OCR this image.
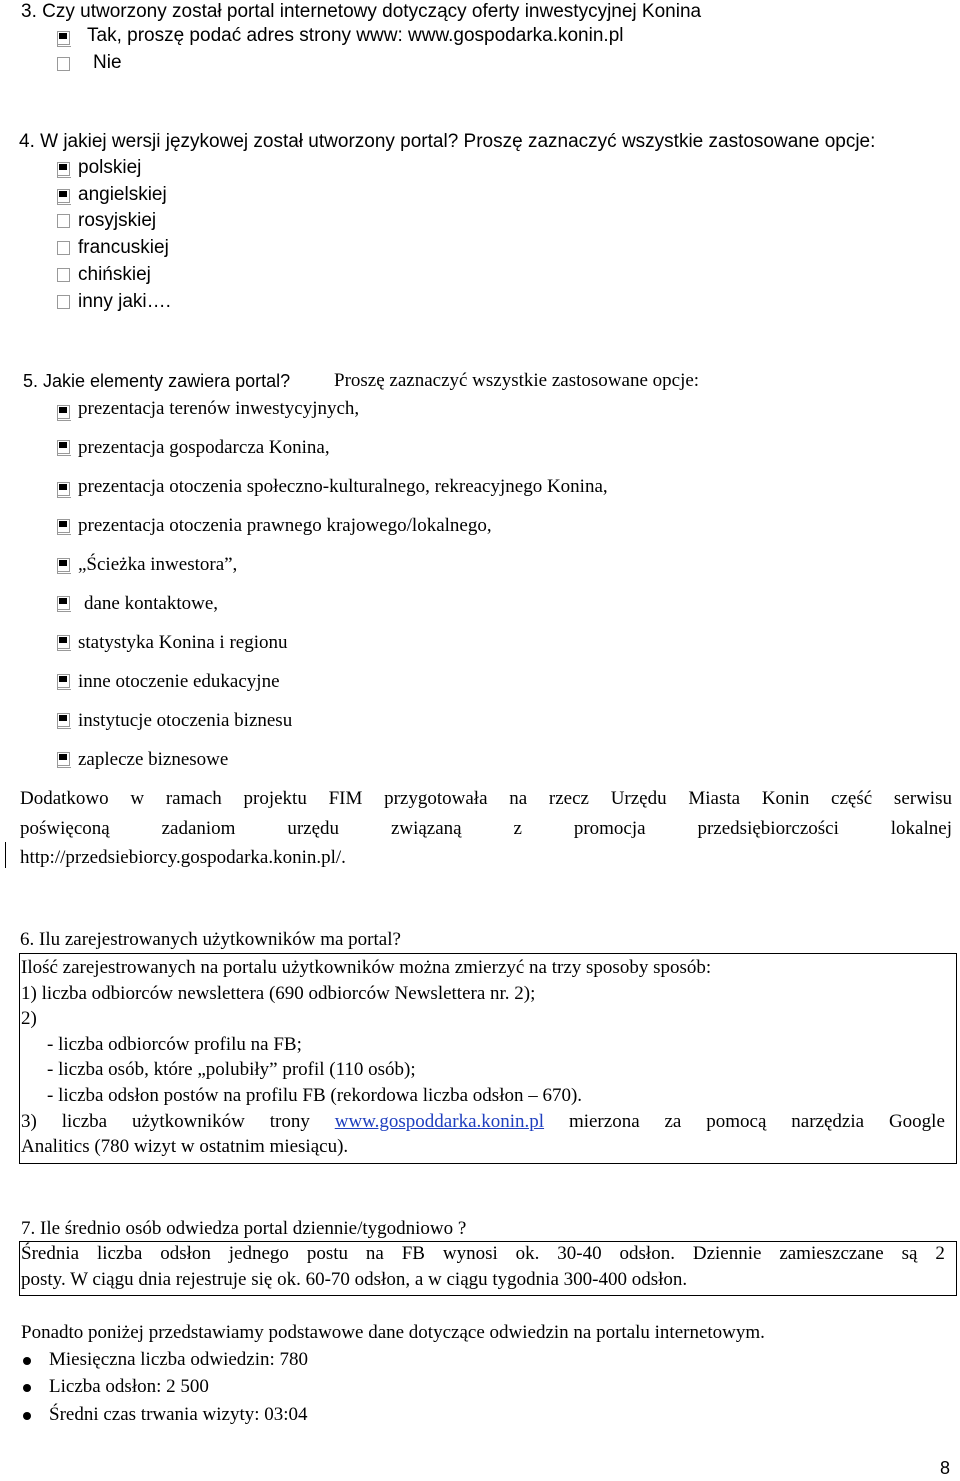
3. Czy utworzony został portal internetowy dotyczący oferty inwestycyjnej Konina
Tak, proszę podać adres strony www: www.gospodarka.konin.pl
Nie
4. W jakiej wersji językowej został utworzony portal? Proszę zaznaczyć wszystkie zastosowane opcje:
polskiej
angielskiej
rosyjskiej
francuskiej
chińskiej
inny jaki….
5. Jakie elementy zawiera portal? Proszę zaznaczyć wszystkie zastosowane opcje:
prezentacja terenów inwestycyjnych,
prezentacja gospodarcza Konina,
prezentacja otoczenia społeczno-kulturalnego, rekreacyjnego Konina,
prezentacja otoczenia prawnego krajowego/lokalnego,
„Ścieżka inwestora”,
dane kontaktowe,
statystyka Konina i regionu
inne otoczenie edukacyjne
instytucje otoczenia biznesu
zaplecze biznesowe
Dodatkowo w ramach projektu FIM przygotowała na rzecz Urzędu Miasta Konin część serwisu
poświęconą	zadaniom	urzędu	związaną	z	promocja	przedsiębiorczości	lokalnej
http://przedsiebiorcy.gospodarka.konin.pl/.
6. Ilu zarejestrowanych użytkowników ma portal?
Ilość zarejestrowanych na portalu użytkowników można zmierzyć na trzy sposoby sposób:
1) liczba odbiorców newslettera (690 odbiorców Newslettera nr. 2);
2)
- liczba odbiorców profilu na FB;
- liczba osób, które „polubiły” profil (110 osób);
- liczba odsłon postów na profilu FB (rekordowa liczba odsłon – 670).
3) liczba użytkowników trony www.gospoddarka.konin.pl mierzona za pomocą narzędzia Google
Analitics (780 wizyt w ostatnim miesiącu).
7. Ile średnio osób odwiedza portal dziennie/tygodniowo ?
Średnia liczba odsłon jednego postu na FB wynosi ok. 30-40 odsłon. Dziennie zamieszczane są 2
posty. W ciągu dnia rejestruje się ok. 60-70 odsłon, a w ciągu tygodnia 300-400 odsłon.
Ponadto poniżej przedstawiamy podstawowe dane dotyczące odwiedzin na portalu internetowym.
Miesięczna liczba odwiedzin: 780
Liczba odsłon: 2 500
Średni czas trwania wizyty: 03:04
8
